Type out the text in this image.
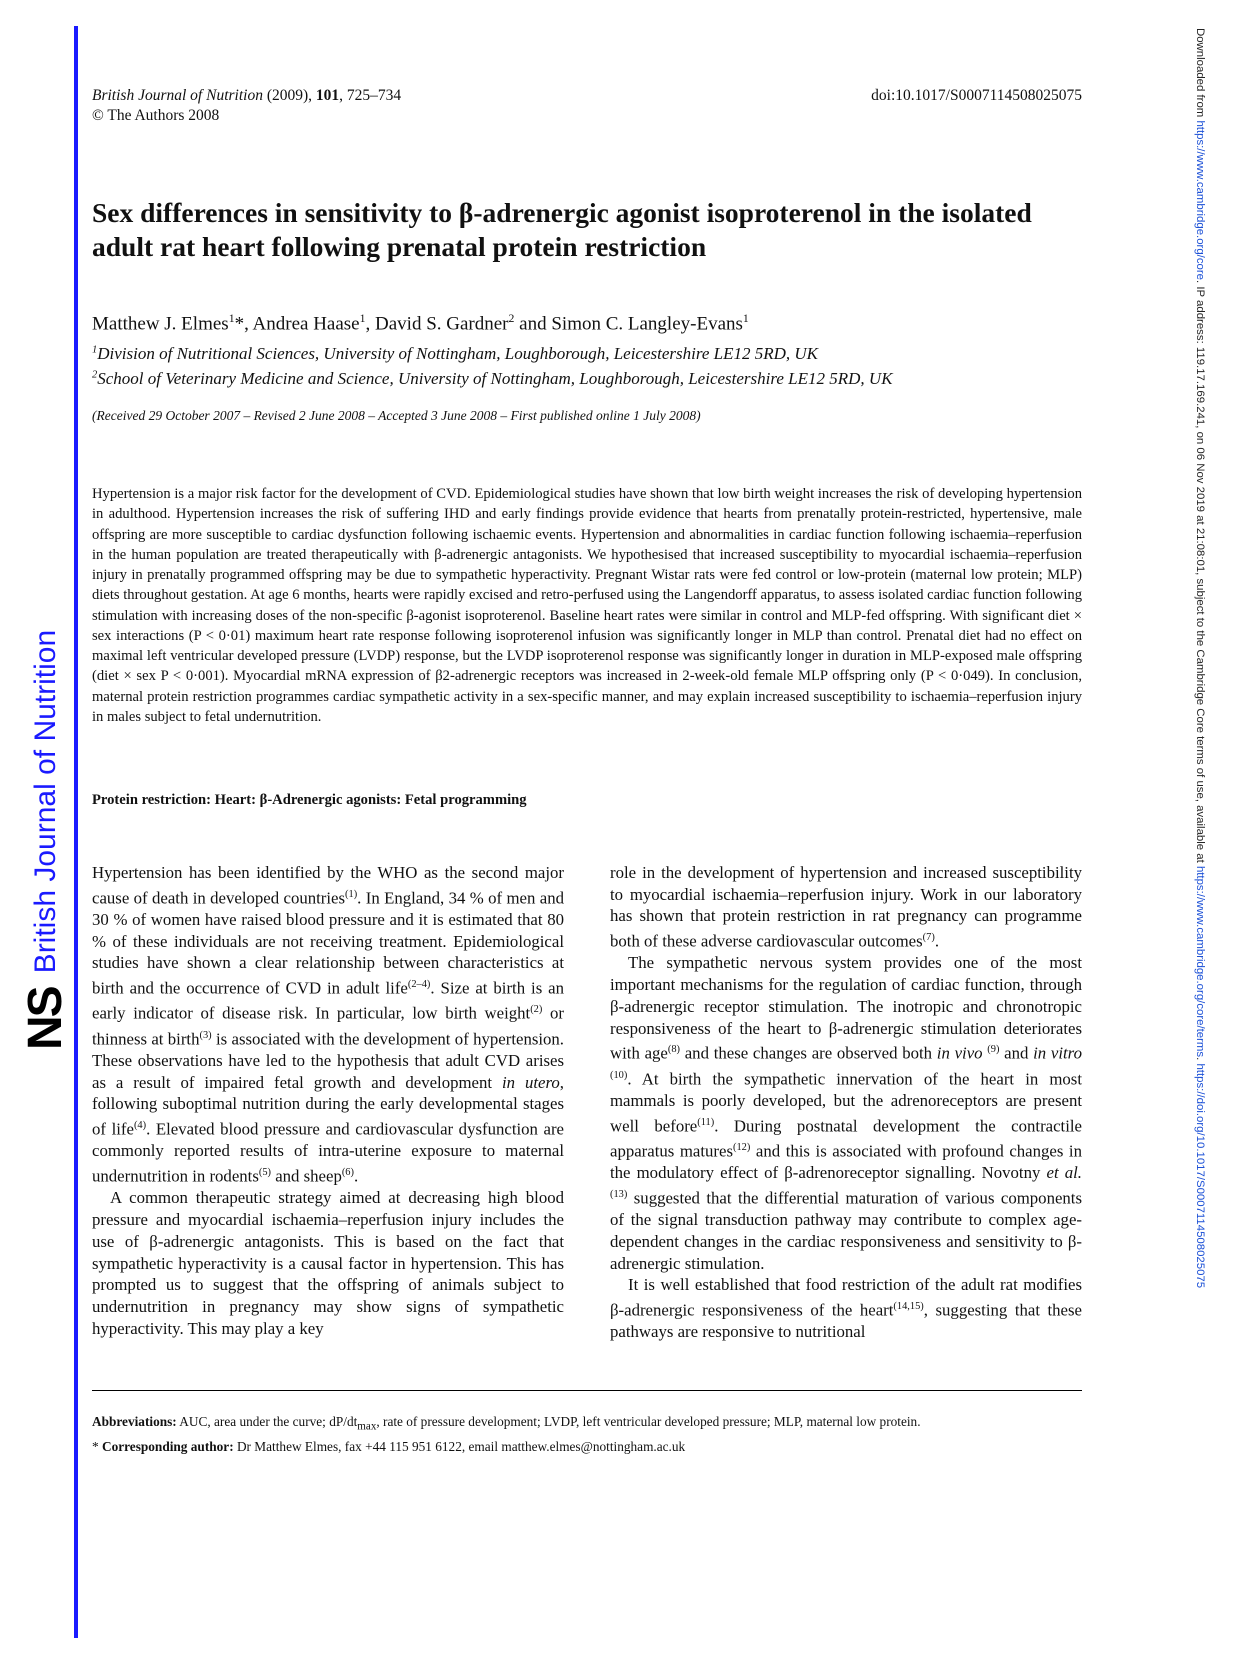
NS
British Journal of Nutrition
Downloaded from https://www.cambridge.org/core. IP address: 119.17.169.241, on 06 Nov 2019 at 21:08:01, subject to the Cambridge Core terms of use, available at https://www.cambridge.org/core/terms. https://doi.org/10.1017/S0007114508025075
British Journal of Nutrition (2009), 101, 725–734
© The Authors 2008
doi:10.1017/S0007114508025075
Sex differences in sensitivity to β-adrenergic agonist isoproterenol in the isolated adult rat heart following prenatal protein restriction
Matthew J. Elmes$^1$*, Andrea Haase$^1$, David S. Gardner$^2$ and Simon C. Langley-Evans$^1$
$^1$Division of Nutritional Sciences, University of Nottingham, Loughborough, Leicestershire LE12 5RD, UK
$^2$School of Veterinary Medicine and Science, University of Nottingham, Loughborough, Leicestershire LE12 5RD, UK
(Received 29 October 2007 – Revised 2 June 2008 – Accepted 3 June 2008 – First published online 1 July 2008)
Hypertension is a major risk factor for the development of CVD. Epidemiological studies have shown that low birth weight increases the risk of developing hypertension in adulthood. Hypertension increases the risk of suffering IHD and early findings provide evidence that hearts from prenatally protein-restricted, hypertensive, male offspring are more susceptible to cardiac dysfunction following ischaemic events. Hypertension and abnormalities in cardiac function following ischaemia–reperfusion in the human population are treated therapeutically with β-adrenergic antagonists. We hypothesised that increased susceptibility to myocardial ischaemia–reperfusion injury in prenatally programmed offspring may be due to sympathetic hyperactivity. Pregnant Wistar rats were fed control or low-protein (maternal low protein; MLP) diets throughout gestation. At age 6 months, hearts were rapidly excised and retro-perfused using the Langendorff apparatus, to assess isolated cardiac function following stimulation with increasing doses of the non-specific β-agonist isoproterenol. Baseline heart rates were similar in control and MLP-fed offspring. With significant diet × sex interactions (P < 0·01) maximum heart rate response following isoproterenol infusion was significantly longer in MLP than control. Prenatal diet had no effect on maximal left ventricular developed pressure (LVDP) response, but the LVDP isoproterenol response was significantly longer in duration in MLP-exposed male offspring (diet × sex P < 0·001). Myocardial mRNA expression of β2-adrenergic receptors was increased in 2-week-old female MLP offspring only (P < 0·049). In conclusion, maternal protein restriction programmes cardiac sympathetic activity in a sex-specific manner, and may explain increased susceptibility to ischaemia–reperfusion injury in males subject to fetal undernutrition.
Protein restriction: Heart: β-Adrenergic agonists: Fetal programming

Hypertension has been identified by the WHO as the second major cause of death in developed countries$^{(1)}$. In England, 34 % of men and 30 % of women have raised blood pressure and it is estimated that 80 % of these individuals are not receiving treatment. Epidemiological studies have shown a clear relationship between characteristics at birth and the occurrence of CVD in adult life$^{(2-4)}$. Size at birth is an early indicator of disease risk. In particular, low birth weight$^{(2)}$ or thinness at birth$^{(3)}$ is associated with the development of hypertension. These observations have led to the hypothesis that adult CVD arises as a result of impaired fetal growth and development in utero, following suboptimal nutrition during the early developmental stages of life$^{(4)}$. Elevated blood pressure and cardiovascular dysfunction are commonly reported results of intra-uterine exposure to maternal undernutrition in rodents$^{(5)}$ and sheep$^{(6)}$.

A common therapeutic strategy aimed at decreasing high blood pressure and myocardial ischaemia–reperfusion injury includes the use of β-adrenergic antagonists. This is based on the fact that sympathetic hyperactivity is a causal factor in hypertension. This has prompted us to suggest that the offspring of animals subject to undernutrition in pregnancy may show signs of sympathetic hyperactivity. This may play a key

role in the development of hypertension and increased susceptibility to myocardial ischaemia–reperfusion injury. Work in our laboratory has shown that protein restriction in rat pregnancy can programme both of these adverse cardiovascular outcomes$^{(7)}$.

The sympathetic nervous system provides one of the most important mechanisms for the regulation of cardiac function, through β-adrenergic receptor stimulation. The inotropic and chronotropic responsiveness of the heart to β-adrenergic stimulation deteriorates with age$^{(8)}$ and these changes are observed both in vivo $^{(9)}$ and in vitro $^{(10)}$. At birth the sympathetic innervation of the heart in most mammals is poorly developed, but the adrenoreceptors are present well before$^{(11)}$. During postnatal development the contractile apparatus matures$^{(12)}$ and this is associated with profound changes in the modulatory effect of β-adrenoreceptor signalling. Novotny et al. $^{(13)}$ suggested that the differential maturation of various components of the signal transduction pathway may contribute to complex age-dependent changes in the cardiac responsiveness and sensitivity to β-adrenergic stimulation.

It is well established that food restriction of the adult rat modifies β-adrenergic responsiveness of the heart$^{(14,15)}$, suggesting that these pathways are responsive to nutritional

Abbreviations: AUC, area under the curve; $dP/dt_{max}$, rate of pressure development; LVDP, left ventricular developed pressure; MLP, maternal low protein.
* Corresponding author: Dr Matthew Elmes, fax +44 115 951 6122, email matthew.elmes@nottingham.ac.uk
